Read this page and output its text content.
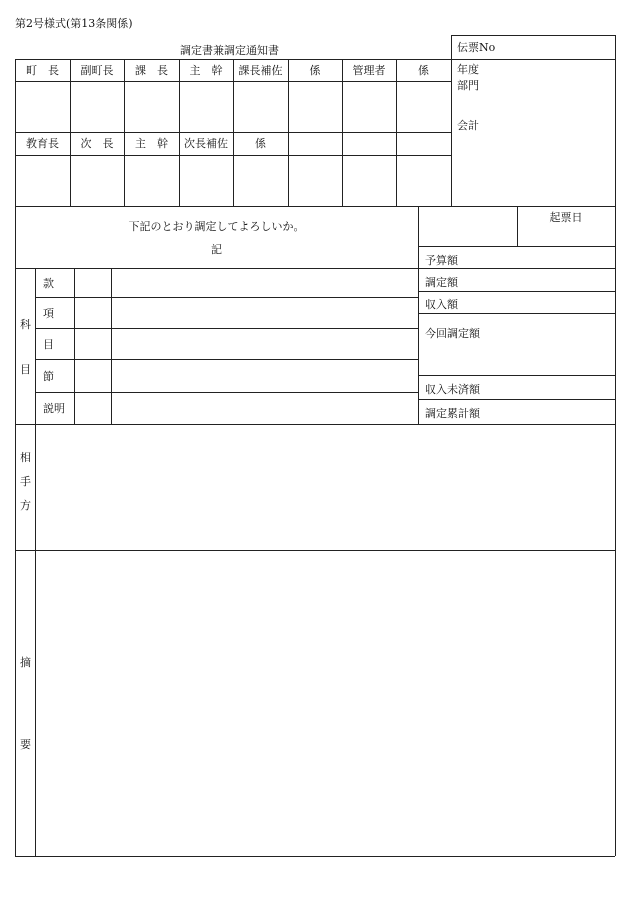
第2号様式(第13条関係)
調定書兼調定通知書
町　長	副町長	課　長	主　幹	課長補佐	係	管理者	係
教育長	次　長	主　幹	次長補佐	係
伝票No
年度
部門
会計
下記のとおり調定してよろしいか。
記
起票日
予算額
調定額
収入額
今回調定額
収入未済額
調定累計額
科
目
款
項
目
節
説明
相
手
方
摘
要
